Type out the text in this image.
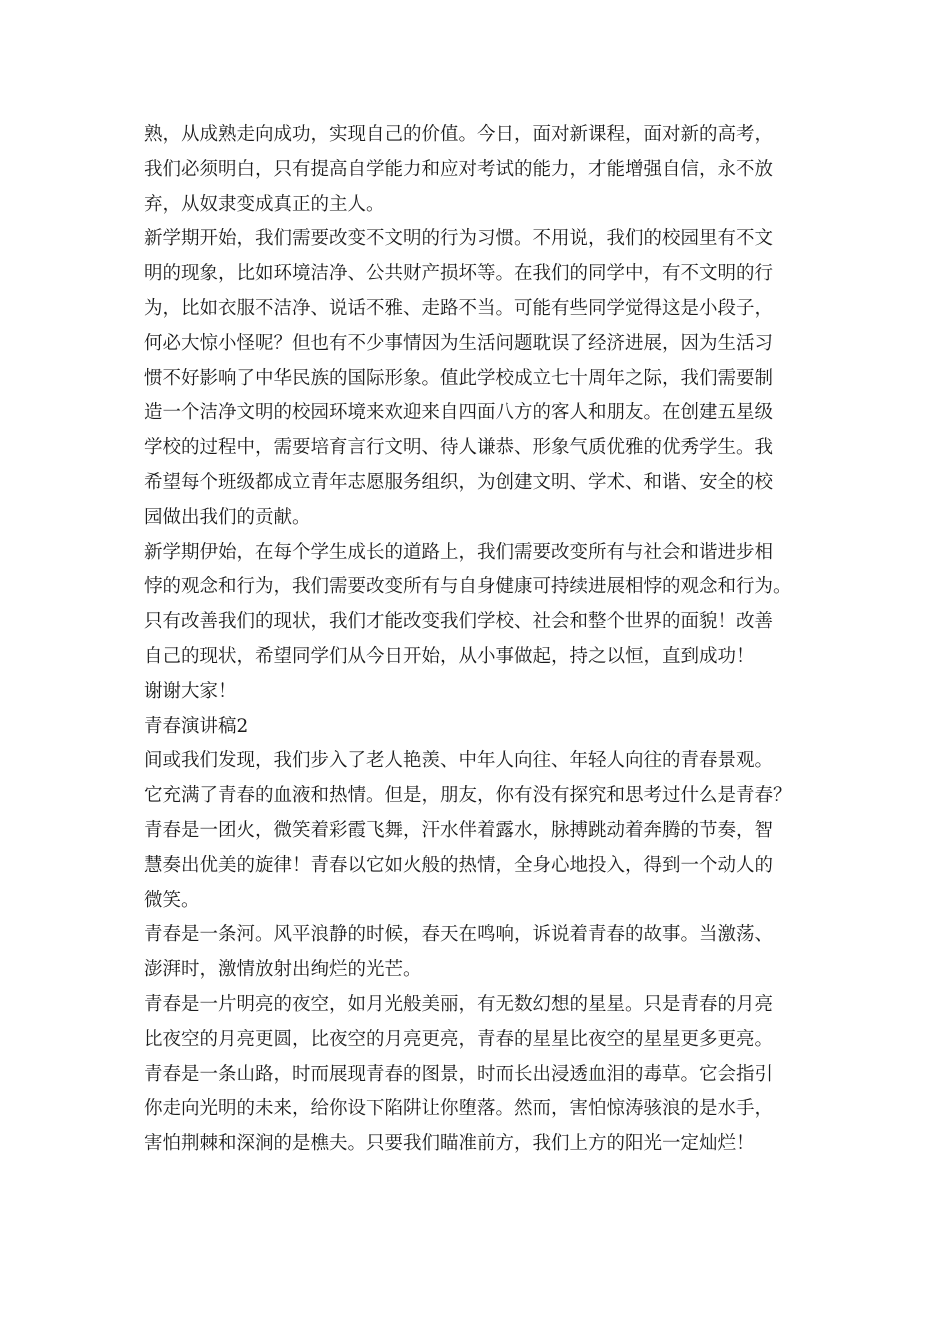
熟，从成熟走向成功，实现自己的价值。今日，面对新课程，面对新的高考，
我们必须明白，只有提高自学能力和应对考试的能力，才能增强自信，永不放
弃，从奴隶变成真正的主人。
新学期开始，我们需要改变不文明的行为习惯。不用说，我们的校园里有不文
明的现象，比如环境洁净、公共财产损坏等。在我们的同学中，有不文明的行
为，比如衣服不洁净、说话不雅、走路不当。可能有些同学觉得这是小段子，
何必大惊小怪呢？但也有不少事情因为生活问题耽误了经济进展，因为生活习
惯不好影响了中华民族的国际形象。值此学校成立七十周年之际，我们需要制
造一个洁净文明的校园环境来欢迎来自四面八方的客人和朋友。在创建五星级
学校的过程中，需要培育言行文明、待人谦恭、形象气质优雅的优秀学生。我
希望每个班级都成立青年志愿服务组织，为创建文明、学术、和谐、安全的校
园做出我们的贡献。
新学期伊始，在每个学生成长的道路上，我们需要改变所有与社会和谐进步相
悖的观念和行为，我们需要改变所有与自身健康可持续进展相悖的观念和行为。
只有改善我们的现状，我们才能改变我们学校、社会和整个世界的面貌！改善
自己的现状，希望同学们从今日开始，从小事做起，持之以恒，直到成功！
谢谢大家！
青春演讲稿2
间或我们发现，我们步入了老人艳羡、中年人向往、年轻人向往的青春景观。
它充满了青春的血液和热情。但是，朋友，你有没有探究和思考过什么是青春？
青春是一团火，微笑着彩霞飞舞，汗水伴着露水，脉搏跳动着奔腾的节奏，智
慧奏出优美的旋律！青春以它如火般的热情，全身心地投入，得到一个动人的
微笑。
青春是一条河。风平浪静的时候，春天在鸣响，诉说着青春的故事。当激荡、
澎湃时，激情放射出绚烂的光芒。
青春是一片明亮的夜空，如月光般美丽，有无数幻想的星星。只是青春的月亮
比夜空的月亮更圆，比夜空的月亮更亮，青春的星星比夜空的星星更多更亮。
青春是一条山路，时而展现青春的图景，时而长出浸透血泪的毒草。它会指引
你走向光明的未来，给你设下陷阱让你堕落。然而，害怕惊涛骇浪的是水手，
害怕荆棘和深涧的是樵夫。只要我们瞄准前方，我们上方的阳光一定灿烂！
